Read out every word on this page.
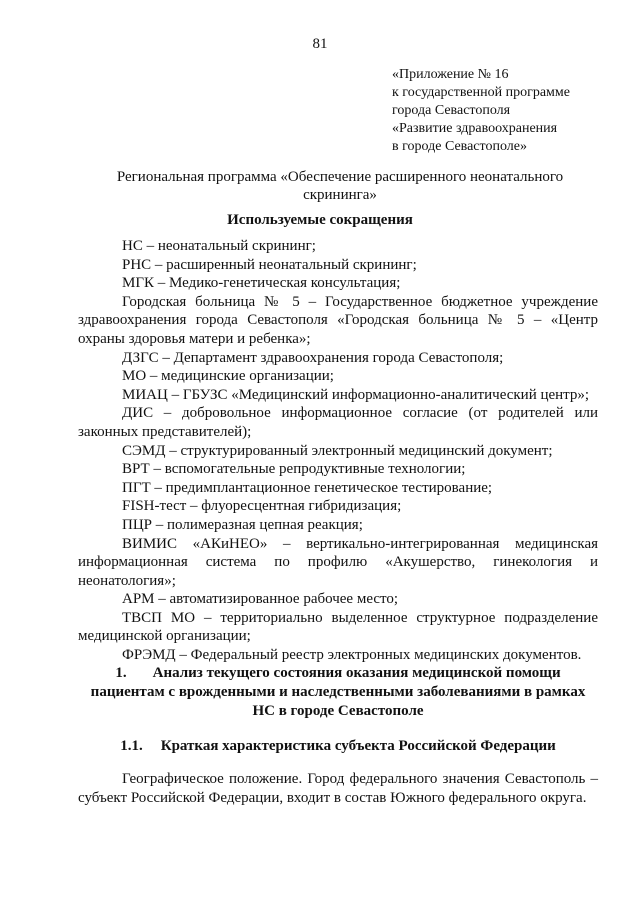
81
«Приложение № 16
к государственной программе
города Севастополя
«Развитие здравоохранения
в городе Севастополе»
Региональная программа «Обеспечение расширенного неонатального скрининга»
Используемые сокращения

НС – неонатальный скрининг;

РНС – расширенный неонатальный скрининг;

МГК – Медико-генетическая консультация;

Городская больница № 5 – Государственное бюджетное учреждение здравоохранения города Севастополя «Городская больница № 5 – «Центр охраны здоровья матери и ребенка»;

ДЗГС – Департамент здравоохранения города Севастополя;

МО – медицинские организации;

МИАЦ – ГБУЗС «Медицинский информационно-аналитический центр»;

ДИС – добровольное информационное согласие (от родителей или законных представителей);

СЭМД – структурированный электронный медицинский документ;

ВРТ – вспомогательные репродуктивные технологии;

ПГТ – предимплантационное генетическое тестирование;

FISH-тест – флуоресцентная гибридизация;

ПЦР – полимеразная цепная реакция;

ВИМИС «АКиНЕО» – вертикально-интегрированная медицинская информационная система по профилю «Акушерство, гинекология и неонатология»;

АРМ – автоматизированное рабочее место;

ТВСП МО – территориально выделенное структурное подразделение медицинской организации;

ФРЭМД – Федеральный реестр электронных медицинских документов.

1. Анализ текущего состояния оказания медицинской помощи пациентам с врожденными и наследственными заболеваниями в рамках НС в городе Севастополе
1.1. Краткая характеристика субъекта Российской Федерации
Географическое положение. Город федерального значения Севастополь – субъект Российской Федерации, входит в состав Южного федерального округа.
